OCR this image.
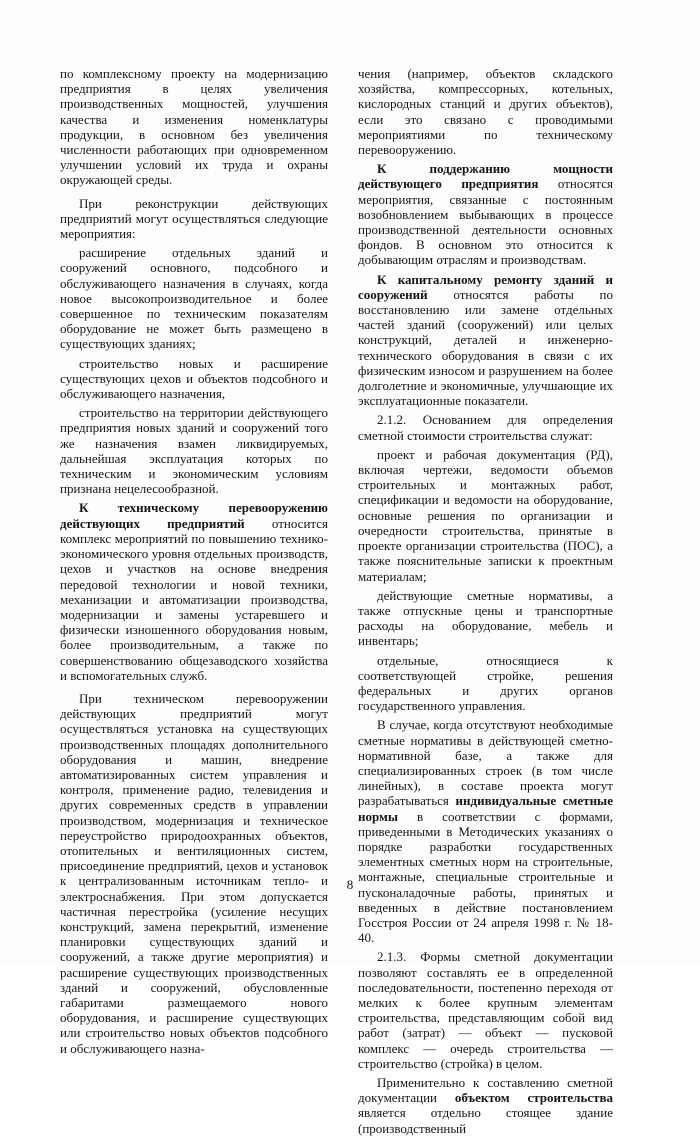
по комплексному проекту на модернизацию предприятия в целях увеличения производственных мощностей, улучшения качества и изменения номенклатуры продукции, в основном без увеличения численности работающих при одновременном улучшении условий их труда и охраны окружающей среды.

При реконструкции действующих предприятий могут осуществляться следующие мероприятия:

расширение отдельных зданий и сооружений основного, подсобного и обслуживающего назначения в случаях, когда новое высокопроизводительное и более совершенное по техническим показателям оборудование не может быть размещено в существующих зданиях;

строительство новых и расширение существующих цехов и объектов подсобного и обслуживающего назначения,

строительство на территории действующего предприятия новых зданий и сооружений того же назначения взамен ликвидируемых, дальнейшая эксплуатация которых по техническим и экономическим условиям признана нецелесообразной.

К техническому перевооружению действующих предприятий относится комплекс мероприятий по повышению технико-экономического уровня отдельных производств, цехов и участков на основе внедрения передовой технологии и новой техники, механизации и автоматизации производства, модернизации и замены устаревшего и физически изношенного оборудования новым, более производительным, а также по совершенствованию общезаводского хозяйства и вспомогательных служб.

При техническом перевооружении действующих предприятий могут осуществляться установка на существующих производственных площадях дополнительного оборудования и машин, внедрение автоматизированных систем управления и контроля, применение радио, телевидения и других современных средств в управлении производством, модернизация и техническое переустройство природоохранных объектов, отопительных и вентиляционных систем, присоединение предприятий, цехов и установок к централизованным источникам тепло- и электроснабжения. При этом допускается частичная перестройка (усиление несущих конструкций, замена перекрытий, изменение планировки существующих зданий и сооружений, а также другие мероприятия) и расширение существующих производственных зданий и сооружений, обусловленные габаритами размещаемого нового оборудования, и расширение существующих или строительство новых объектов подсобного и обслуживающего назна-

чения (например, объектов складского хозяйства, компрессорных, котельных, кислородных станций и других объектов), если это связано с проводимыми мероприятиями по техническому перевооружению.

К поддержанию мощности действующего предприятия относятся мероприятия, связанные с постоянным возобновлением выбывающих в процессе производственной деятельности основных фондов. В основном это относится к добывающим отраслям и производствам.

К капитальному ремонту зданий и сооружений относятся работы по восстановлению или замене отдельных частей зданий (сооружений) или целых конструкций, деталей и инженерно-технического оборудования в связи с их физическим износом и разрушением на более долголетние и экономичные, улучшающие их эксплуатационные показатели.

2.1.2. Основанием для определения сметной стоимости строительства служат:

проект и рабочая документация (РД), включая чертежи, ведомости объемов строительных и монтажных работ, спецификации и ведомости на оборудование, основные решения по организации и очередности строительства, принятые в проекте организации строительства (ПОС), а также пояснительные записки к проектным материалам;

действующие сметные нормативы, а также отпускные цены и транспортные расходы на оборудование, мебель и инвентарь;

отдельные, относящиеся к соответствующей стройке, решения федеральных и других органов государственного управления.

В случае, когда отсутствуют необходимые сметные нормативы в действующей сметно-нормативной базе, а также для специализированных строек (в том числе линейных), в составе проекта могут разрабатываться индивидуальные сметные нормы в соответствии с формами, приведенными в Методических указаниях о порядке разработки государственных элементных сметных норм на строительные, монтажные, специальные строительные и пусконаладочные работы, принятых и введенных в действие постановлением Госстроя России от 24 апреля 1998 г. № 18-40.

2.1.3. Формы сметной документации позволяют составлять ее в определенной последовательности, постепенно переходя от мелких к более крупным элементам строительства, представляющим собой вид работ (затрат) — объект — пусковой комплекс — очередь строительства — строительство (стройка) в целом.

Применительно к составлению сметной документации объектом строительства является отдельно стоящее здание (производственный

8
